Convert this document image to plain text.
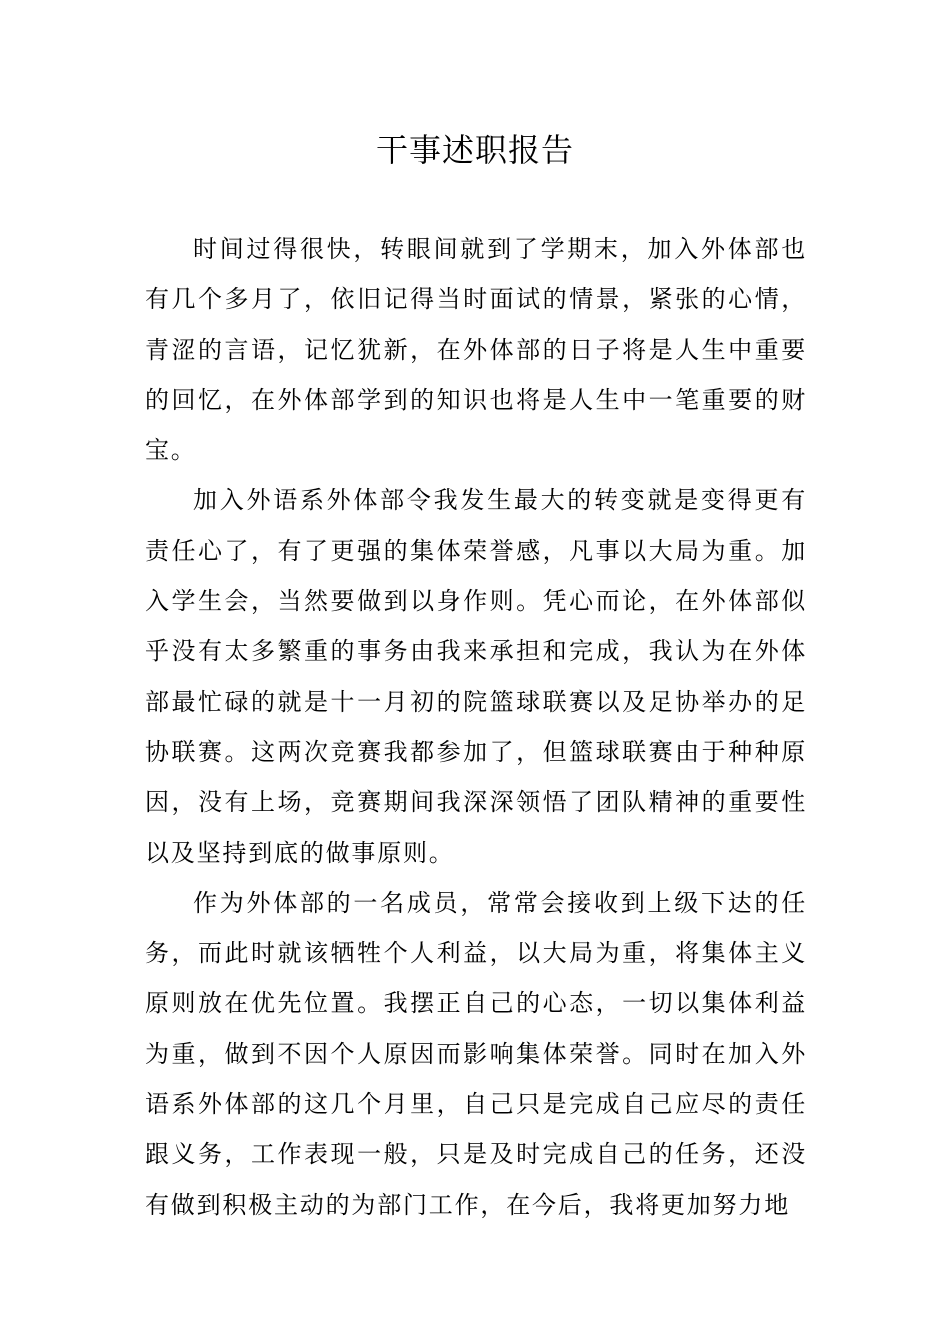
干事述职报告

时间过得很快，转眼间就到了学期末，加入外体部也有几个多月了，依旧记得当时面试的情景，紧张的心情，青涩的言语，记忆犹新，在外体部的日子将是人生中重要的回忆，在外体部学到的知识也将是人生中一笔重要的财宝。

加入外语系外体部令我发生最大的转变就是变得更有责任心了，有了更强的集体荣誉感，凡事以大局为重。加入学生会，当然要做到以身作则。凭心而论，在外体部似乎没有太多繁重的事务由我来承担和完成，我认为在外体部最忙碌的就是十一月初的院篮球联赛以及足协举办的足协联赛。这两次竞赛我都参加了，但篮球联赛由于种种原因，没有上场，竞赛期间我深深领悟了团队精神的重要性以及坚持到底的做事原则。

作为外体部的一名成员，常常会接收到上级下达的任务，而此时就该牺牲个人利益，以大局为重，将集体主义原则放在优先位置。我摆正自己的心态，一切以集体利益为重，做到不因个人原因而影响集体荣誉。同时在加入外语系外体部的这几个月里，自己只是完成自己应尽的责任跟义务，工作表现一般，只是及时完成自己的任务，还没有做到积极主动的为部门工作，在今后，我将更加努力地
